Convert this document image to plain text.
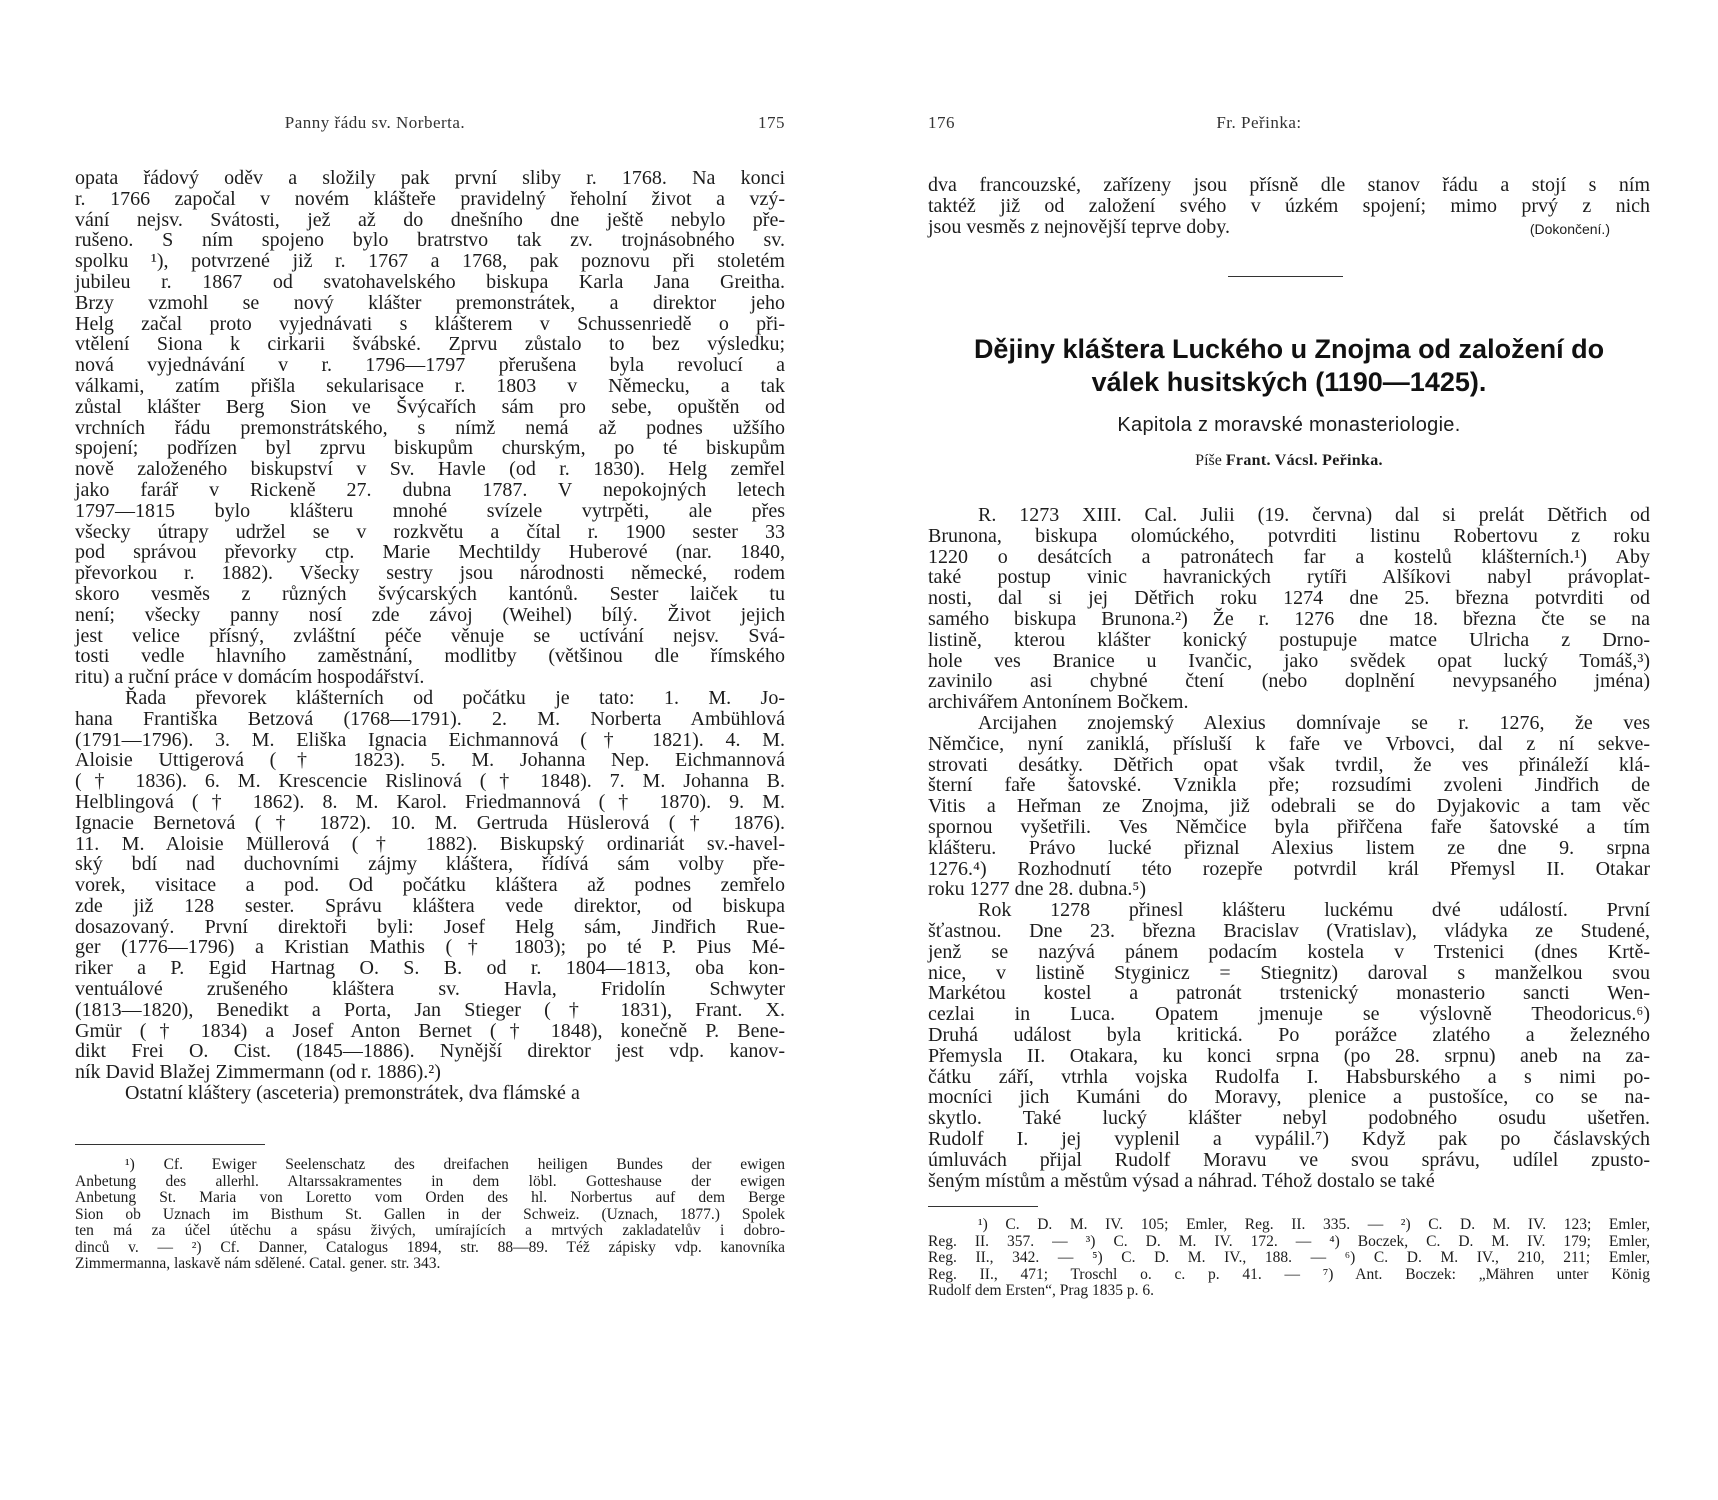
Panny řádu sv. Norberta.	175
opata řádový oděv a složily pak první sliby r. 1768. Na konci
r. 1766 započal v novém klášteře pravidelný řeholní život a vzý-
vání nejsv. Svátosti, jež až do dnešního dne ještě nebylo pře-
rušeno. S ním spojeno bylo bratrstvo tak zv. trojnásobného sv.
spolku ¹), potvrzené již r. 1767 a 1768, pak poznovu při stoletém
jubileu r. 1867 od svatohavelského biskupa Karla Jana Greitha.
Brzy vzmohl se nový klášter premonstrátek, a direktor jeho
Helg začal proto vyjednávati s klášterem v Schussenriedě o při-
vtělení Siona k cirkarii švábské. Zprvu zůstalo to bez výsledku;
nová vyjednávání v r. 1796—1797 přerušena byla revolucí a
válkami, zatím přišla sekularisace r. 1803 v Německu, a tak
zůstal klášter Berg Sion ve Švýcařích sám pro sebe, opuštěn od
vrchních řádu premonstrátského, s nímž nemá až podnes užšího
spojení; podřízen byl zprvu biskupům churským, po té biskupům
nově založeného biskupství v Sv. Havle (od r. 1830). Helg zemřel
jako farář v Rickeně 27. dubna 1787. V nepokojných letech
1797—1815 bylo klášteru mnohé svízele vytrpěti, ale přes
všecky útrapy udržel se v rozkvětu a čítal r. 1900 sester 33
pod správou převorky ctp. Marie Mechtildy Huberové (nar. 1840,
převorkou r. 1882). Všecky sestry jsou národnosti německé, rodem
skoro vesměs z různých švýcarských kantónů. Sester laiček tu
není; všecky panny nosí zde závoj (Weihel) bílý. Život jejich
jest velice přísný, zvláštní péče věnuje se uctívání nejsv. Svá-
tosti vedle hlavního zaměstnání, modlitby (většinou dle římského
ritu) a ruční práce v domácím hospodářství.
Řada převorek klášterních od počátku je tato: 1. M. Jo-
hana Františka Betzová (1768—1791). 2. M. Norberta Ambühlová
(1791—1796). 3. M. Eliška Ignacia Eichmannová († 1821). 4. M.
Aloisie Uttigerová († 1823). 5. M. Johanna Nep. Eichmannová
(† 1836). 6. M. Krescencie Rislinová († 1848). 7. M. Johanna B.
Helblingová († 1862). 8. M. Karol. Friedmannová († 1870). 9. M.
Ignacie Bernetová († 1872). 10. M. Gertruda Hüslerová († 1876).
11. M. Aloisie Müllerová († 1882). Biskupský ordinariát sv.-havel-
ský bdí nad duchovními zájmy kláštera, řídívá sám volby pře-
vorek, visitace a pod. Od počátku kláštera až podnes zemřelo
zde již 128 sester. Správu kláštera vede direktor, od biskupa
dosazovaný. První direktoři byli: Josef Helg sám, Jindřich Rue-
ger (1776—1796) a Kristian Mathis († 1803); po té P. Pius Mé-
riker a P. Egid Hartnag O. S. B. od r. 1804—1813, oba kon-
ventuálové zrušeného kláštera sv. Havla, Fridolín Schwyter
(1813—1820), Benedikt a Porta, Jan Stieger († 1831), Frant. X.
Gmür († 1834) a Josef Anton Bernet († 1848), konečně P. Bene-
dikt Frei O. Cist. (1845—1886). Nynější direktor jest vdp. kanov-
ník David Blažej Zimmermann (od r. 1886).²)
Ostatní kláštery (asceteria) premonstrátek, dva flámské a
¹) Cf. Ewiger Seelenschatz des dreifachen heiligen Bundes der ewigen
Anbetung des allerhl. Altarssakramentes in dem löbl. Gotteshause der ewigen
Anbetung St. Maria von Loretto vom Orden des hl. Norbertus auf dem Berge
Sion ob Uznach im Bisthum St. Gallen in der Schweiz. (Uznach, 1877.) Spolek
ten má za účel útěchu a spásu živých, umírajících a mrtvých zakladatelův i dobro-
dinců v. — ²) Cf. Danner, Catalogus 1894, str. 88—89. Též zápisky vdp. kanovníka
Zimmermanna, laskavě nám sdělené. Catal. gener. str. 343.
176	Fr. Peřinka:
dva francouzské, zařízeny jsou přísně dle stanov řádu a stojí s ním
taktéž již od založení svého v úzkém spojení; mimo prvý z nich
jsou vesměs z nejnovější teprve doby.	(Dokončení.)
Dějiny kláštera Luckého u Znojma od založení do
válek husitských (1190—1425).
Kapitola z moravské monasteriologie.
Píše Frant. Vácsl. Peřinka.
R. 1273 XIII. Cal. Julii (19. června) dal si prelát Dětřich od
Brunona, biskupa olomúckého, potvrditi listinu Robertovu z roku
1220 o desátcích a patronátech far a kostelů klášterních.¹) Aby
také postup vinic havranických rytíři Alšíkovi nabyl právoplat-
nosti, dal si jej Dětřich roku 1274 dne 25. března potvrditi od
samého biskupa Brunona.²) Že r. 1276 dne 18. března čte se na
listině, kterou klášter konický postupuje matce Ulricha z Drno-
hole ves Branice u Ivančic, jako svědek opat lucký Tomáš,³)
zavinilo asi chybné čtení (nebo doplnění nevypsaného jména)
archivářem Antonínem Bočkem.
Arcijahen znojemský Alexius domnívaje se r. 1276, že ves
Němčice, nyní zaniklá, přísluší k faře ve Vrbovci, dal z ní sekve-
strovati desátky. Dětřich opat však tvrdil, že ves přináleží klá-
šterní faře šatovské. Vznikla pře; rozsudími zvoleni Jindřich de
Vitis a Heřman ze Znojma, již odebrali se do Dyjakovic a tam věc
spornou vyšetřili. Ves Němčice byla přiřčena faře šatovské a tím
klášteru. Právo lucké přiznal Alexius listem ze dne 9. srpna
1276.⁴) Rozhodnutí této rozepře potvrdil král Přemysl II. Otakar
roku 1277 dne 28. dubna.⁵)
Rok 1278 přinesl klášteru luckému dvé událostí. První
šťastnou. Dne 23. března Bracislav (Vratislav), vládyka ze Studené,
jenž se nazývá pánem podacím kostela v Trstenici (dnes Krtě-
nice, v listině Styginicz = Stiegnitz) daroval s manželkou svou
Markétou kostel a patronát trstenický monasterio sancti Wen-
cezlai in Luca. Opatem jmenuje se výslovně Theodoricus.⁶)
Druhá událost byla kritická. Po porážce zlatého a železného
Přemysla II. Otakara, ku konci srpna (po 28. srpnu) aneb na za-
čátku září, vtrhla vojska Rudolfa I. Habsburského a s nimi po-
mocníci jich Kumáni do Moravy, plenice a pustošíce, co se na-
skytlo. Také lucký klášter nebyl podobného osudu ušetřen.
Rudolf I. jej vyplenil a vypálil.⁷) Když pak po čáslavských
úmluvách přijal Rudolf Moravu ve svou správu, udílel zpusto-
šeným místům a městům výsad a náhrad. Téhož dostalo se také
¹) C. D. M. IV. 105; Emler, Reg. II. 335. — ²) C. D. M. IV. 123; Emler,
Reg. II. 357. — ³) C. D. M. IV. 172. — ⁴) Boczek, C. D. M. IV. 179; Emler,
Reg. II., 342. — ⁵) C. D. M. IV., 188. — ⁶) C. D. M. IV., 210, 211; Emler,
Reg. II., 471; Troschl o. c. p. 41. — ⁷) Ant. Boczek: „Mähren unter König
Rudolf dem Ersten“, Prag 1835 p. 6.
